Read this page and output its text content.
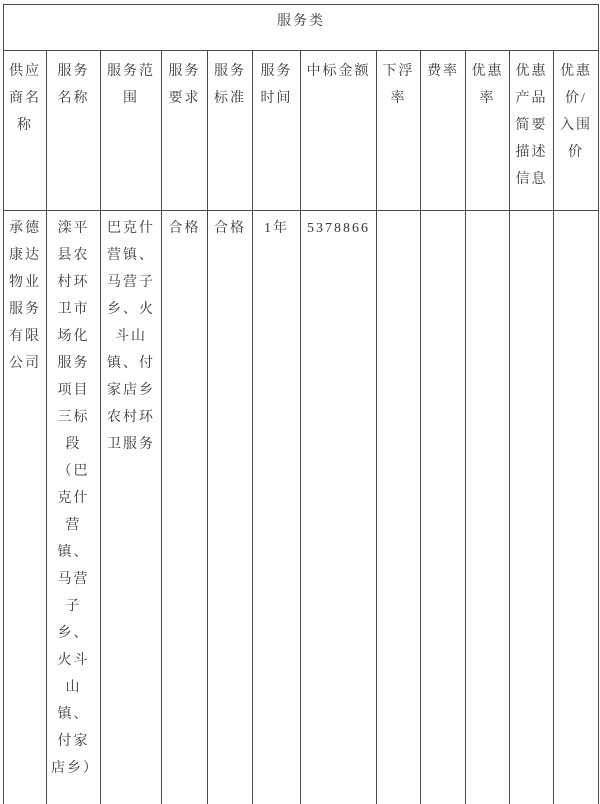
服务类											
供应商名称	服务名称	服务范围	服务要求	服务标准	服务时间	中标金额	下浮率	费率	优惠率	优惠产品简要描述信息	优惠价/入围价
承德康达物业服务有限公司	滦平县农村环卫市场化服务项目三标段（巴克什营镇、马营子乡、火斗山镇、付家店乡）	巴克什营镇、马营子乡、火斗山镇、付家店乡农村环卫服务	合格	合格	1年	5378866					
